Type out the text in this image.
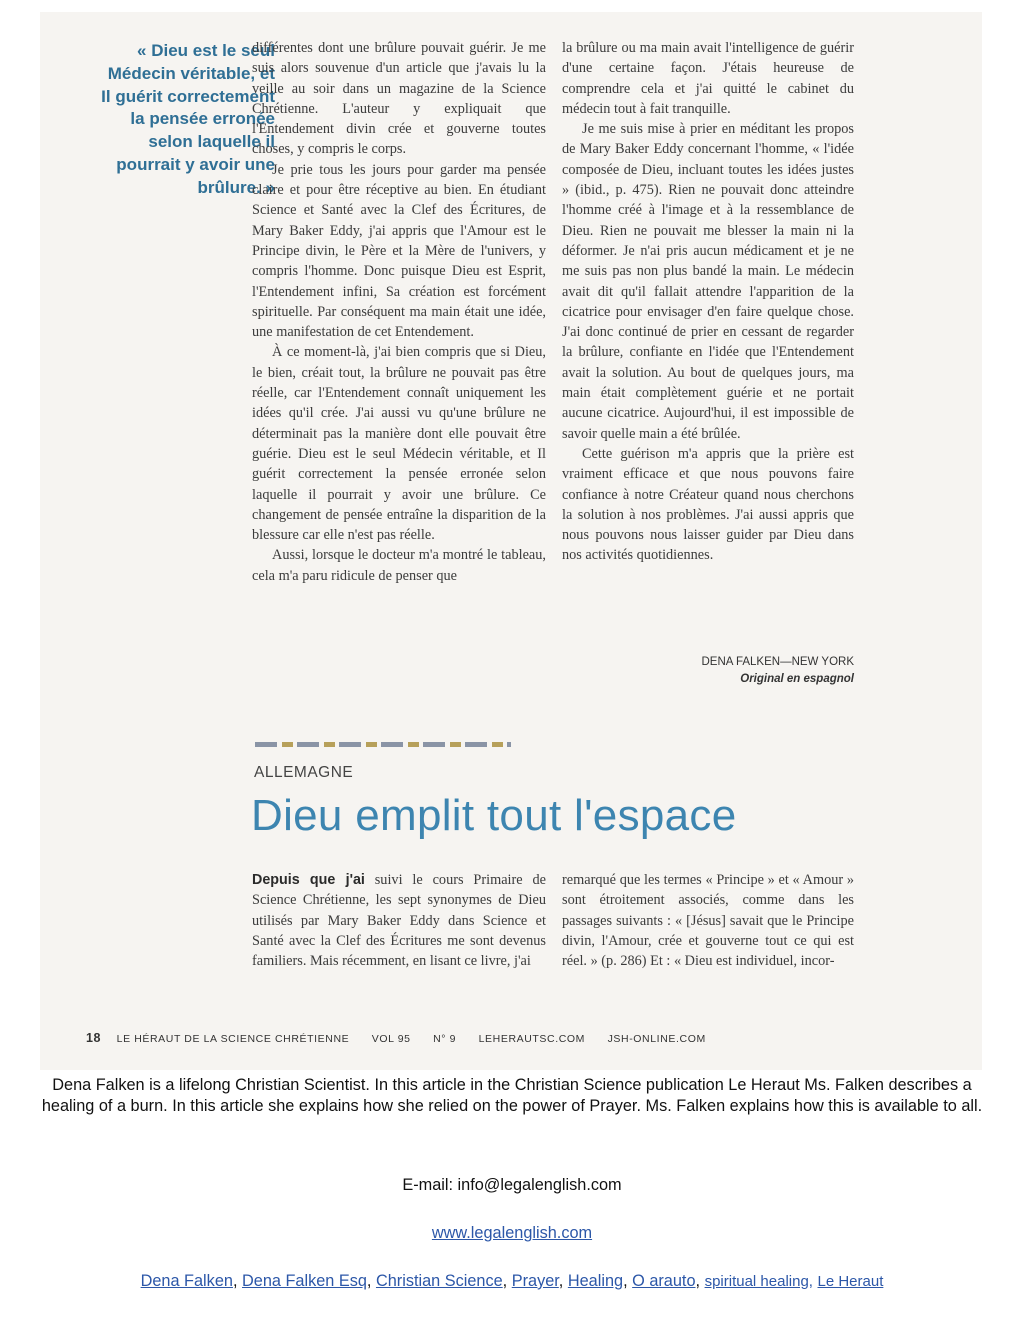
« Dieu est le seul Médecin véritable, et Il guérit correctement la pensée erronée selon laquelle il pourrait y avoir une brûlure. »

différentes dont une brûlure pouvait guérir. Je me suis alors souvenue d'un article que j'avais lu la veille au soir dans un magazine de la Science Chrétienne. L'auteur y expliquait que l'Entendement divin crée et gouverne toutes choses, y compris le corps.

Je prie tous les jours pour garder ma pensée claire et pour être réceptive au bien. En étudiant Science et Santé avec la Clef des Écritures, de Mary Baker Eddy, j'ai appris que l'Amour est le Principe divin, le Père et la Mère de l'univers, y compris l'homme. Donc puisque Dieu est Esprit, l'Entendement infini, Sa création est forcément spirituelle. Par conséquent ma main était une idée, une manifestation de cet Entendement.

À ce moment-là, j'ai bien compris que si Dieu, le bien, créait tout, la brûlure ne pouvait pas être réelle, car l'Entendement connaît uniquement les idées qu'il crée. J'ai aussi vu qu'une brûlure ne déterminait pas la manière dont elle pouvait être guérie. Dieu est le seul Médecin véritable, et Il guérit correctement la pensée erronée selon laquelle il pourrait y avoir une brûlure. Ce changement de pensée entraîne la disparition de la blessure car elle n'est pas réelle.

Aussi, lorsque le docteur m'a montré le tableau, cela m'a paru ridicule de penser que

la brûlure ou ma main avait l'intelligence de guérir d'une certaine façon. J'étais heureuse de comprendre cela et j'ai quitté le cabinet du médecin tout à fait tranquille.

Je me suis mise à prier en méditant les propos de Mary Baker Eddy concernant l'homme, « l'idée composée de Dieu, incluant toutes les idées justes » (ibid., p. 475). Rien ne pouvait donc atteindre l'homme créé à l'image et à la ressemblance de Dieu. Rien ne pouvait me blesser la main ni la déformer. Je n'ai pris aucun médicament et je ne me suis pas non plus bandé la main. Le médecin avait dit qu'il fallait attendre l'apparition de la cicatrice pour envisager d'en faire quelque chose. J'ai donc continué de prier en cessant de regarder la brûlure, confiante en l'idée que l'Entendement avait la solution. Au bout de quelques jours, ma main était complètement guérie et ne portait aucune cicatrice. Aujourd'hui, il est impossible de savoir quelle main a été brûlée.

Cette guérison m'a appris que la prière est vraiment efficace et que nous pouvons faire confiance à notre Créateur quand nous cherchons la solution à nos problèmes. J'ai aussi appris que nous pouvons nous laisser guider par Dieu dans nos activités quotidiennes.

DENA FALKEN—NEW YORK
Original en espagnol
ALLEMAGNE
Dieu emplit tout l'espace

Depuis que j'ai suivi le cours Primaire de Science Chrétienne, les sept synonymes de Dieu utilisés par Mary Baker Eddy dans Science et Santé avec la Clef des Écritures me sont devenus familiers. Mais récemment, en lisant ce livre, j'ai

remarqué que les termes « Principe » et « Amour » sont étroitement associés, comme dans les passages suivants : « [Jésus] savait que le Principe divin, l'Amour, crée et gouverne tout ce qui est réel. » (p. 286) Et : « Dieu est individuel, incor-

18 LE HÉRAUT DE LA SCIENCE CHRÉTIENNE VOL 95 N° 9 LEHERAUTSC.COM JSH-ONLINE.COM

Dena Falken is a lifelong Christian Scientist. In this article in the Christian Science publication Le Heraut Ms. Falken describes a healing of a burn. In this article she explains how she relied on the power of Prayer. Ms. Falken explains how this is available to all.

E-mail: info@legalenglish.com
www.legalenglish.com
Dena Falken, Dena Falken Esq, Christian Science, Prayer, Healing, O arauto, spiritual healing, Le Heraut
